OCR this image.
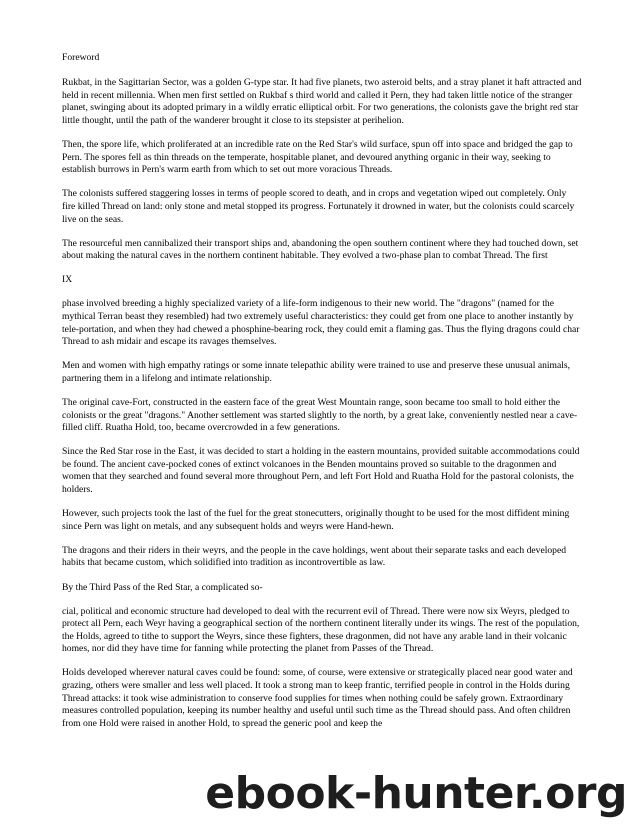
Foreword

Rukbat, in the Sagittarian Sector, was a golden G-type star. It had five planets, two asteroid belts, and a stray planet it haft attracted and held in recent millennia. When men first settled on Rukbaf s third world and called it Pern, they had taken little notice of the stranger planet, swinging about its adopted primary in a wildly erratic elliptical orbit. For two generations, the colonists gave the bright red star little thought, until the path of the wanderer brought it close to its stepsister at perihelion.

Then, the spore life, which proliferated at an incredible rate on the Red Star's wild surface, spun off into space and bridged the gap to Pern. The spores fell as thin threads on the temperate, hospitable planet, and devoured anything organic in their way, seeking to establish burrows in Pern's warm earth from which to set out more voracious Threads.

The colonists suffered staggering losses in terms of people scored to death, and in crops and vegetation wiped out completely. Only fire killed Thread on land: only stone and metal stopped its progress. Fortunately it drowned in water, but the colonists could scarcely live on the seas.

The resourceful men cannibalized their transport ships and, abandoning the open southern continent where they had touched down, set about making the natural caves in the northern continent habitable. They evolved a two-phase plan to combat Thread. The first

IX

phase involved breeding a highly specialized variety of a life-form indigenous to their new world. The "dragons" (named for the mythical Terran beast they resembled) had two extremely useful characteristics: they could get from one place to another instantly by tele-portation, and when they had chewed a phosphine-bearing rock, they could emit a flaming gas. Thus the flying dragons could char Thread to ash midair and escape its ravages themselves.

Men and women with high empathy ratings or some innate telepathic ability were trained to use and preserve these unusual animals, partnering them in a lifelong and intimate relationship.

The original cave-Fort, constructed in the eastern face of the great West Mountain range, soon became too small to hold either the colonists or the great "dragons." Another settlement was started slightly to the north, by a great lake, conveniently nestled near a cave-filled cliff. Ruatha Hold, too, became overcrowded in a few generations.

Since the Red Star rose in the East, it was decided to start a holding in the eastern mountains, provided suitable accommodations could be found. The ancient cave-pocked cones of extinct volcanoes in the Benden mountains proved so suitable to the dragonmen and women that they searched and found several more throughout Pern, and left Fort Hold and Ruatha Hold for the pastoral colonists, the holders.

However, such projects took the last of the fuel for the great stonecutters, originally thought to be used for the most diffident mining since Pern was light on metals, and any subsequent holds and weyrs were Hand-hewn.

The dragons and their riders in their weyrs, and the people in the cave holdings, went about their separate tasks and each developed habits that became custom, which solidified into tradition as incontrovertible as law.

By the Third Pass of the Red Star, a complicated so-

cial, political and economic structure had developed to deal with the recurrent evil of Thread. There were now six Weyrs, pledged to protect all Pern, each Weyr having a geographical section of the northern continent literally under its wings. The rest of the population, the Holds, agreed to tithe to support the Weyrs, since these fighters, these dragonmen, did not have any arable land in their volcanic homes, nor did they have time for fanning while protecting the planet from Passes of the Thread.

Holds developed wherever natural caves could be found: some, of course, were extensive or strategically placed near good water and grazing, others were smaller and less well placed. It took a strong man to keep frantic, terrified people in control in the Holds during Thread attacks: it took wise administration to conserve food supplies for times when nothing could be safely grown. Extraordinary measures controlled population, keeping its number healthy and useful until such time as the Thread should pass. And often children from one Hold were raised in another Hold, to spread the generic pool and keep the

ebook-hunter.org
